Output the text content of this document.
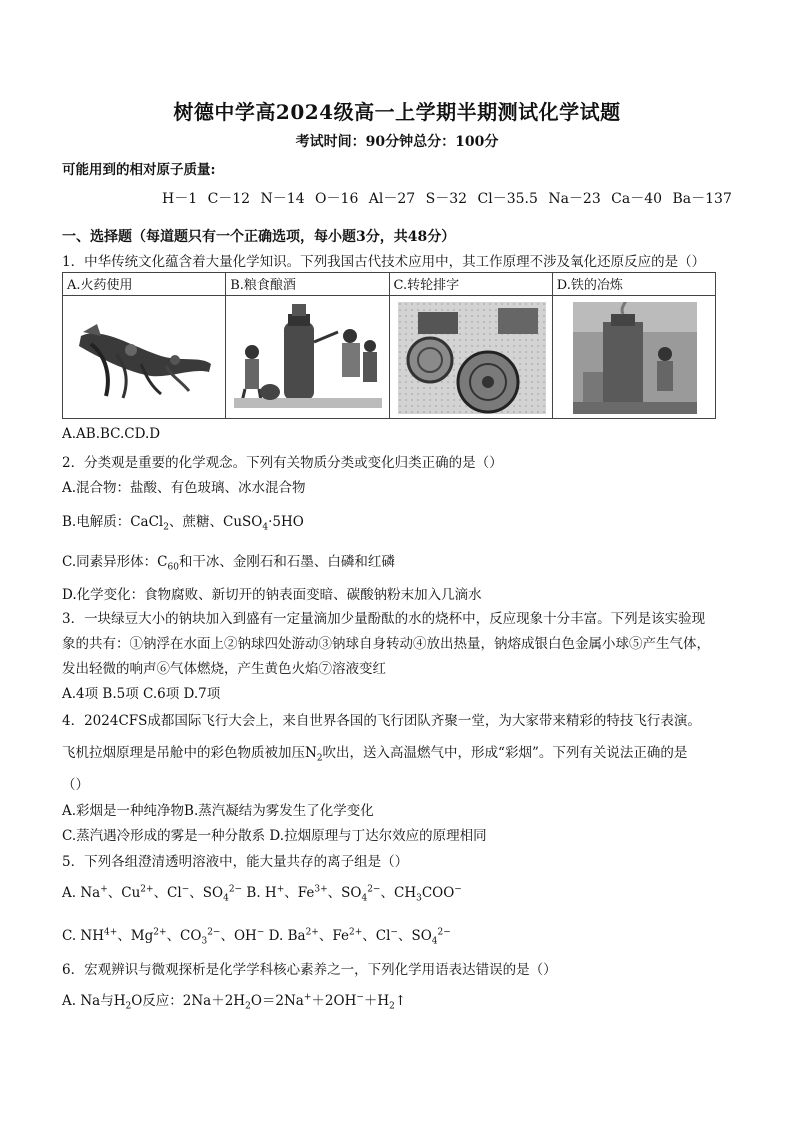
树德中学高2024级高一上学期半期测试化学试题
考试时间：90分钟总分：100分
可能用到的相对原子质量:
H－1 C－12 N－14 O－16 Al－27 S－32 Cl－35.5 Na－23 Ca－40 Ba－137
一、选择题（每道题只有一个正确选项，每小题3分，共48分）
1．中华传统文化蕴含着大量化学知识。下列我国古代技术应用中，其工作原理不涉及氧化还原反应的是（）
A.火药使用	B.粮食酿酒	C.转轮排字	D.铁的冶炼

A.AB.BC.CD.D
2．分类观是重要的化学观念。下列有关物质分类或变化归类正确的是（）
A.混合物：盐酸、有色玻璃、冰水混合物
B.电解质：CaCl$_2$、蔗糖、CuSO$_4$·5HO
C.同素异形体：$C_{60}$和干冰、金刚石和石墨、白磷和红磷
D.化学变化：食物腐败、新切开的钠表面变暗、碳酸钠粉末加入几滴水
3．一块绿豆大小的钠块加入到盛有一定量滴加少量酚酞的水的烧杯中，反应现象十分丰富。下列是该实验现
象的共有：①钠浮在水面上②钠球四处游动③钠球自身转动④放出热量，钠熔成银白色金属小球⑤产生气体，
发出轻微的响声⑥气体燃烧，产生黄色火焰⑦溶液变红
A.4项 B.5项 C.6项 D.7项
4．2024CFS成都国际飞行大会上，来自世界各国的飞行团队齐聚一堂，为大家带来精彩的特技飞行表演。
飞机拉烟原理是吊舱中的彩色物质被加压$N_2$吹出，送入高温燃气中，形成“彩烟”。下列有关说法正确的是
（）
A.彩烟是一种纯净物B.蒸汽凝结为雾发生了化学变化
C.蒸汽遇冷形成的雾是一种分散系 D.拉烟原理与丁达尔效应的原理相同
5．下列各组澄清透明溶液中，能大量共存的离子组是（）
A. Na+、$Cu^{2+}$、Cl−、$SO_4^{2-}$ B. H+、$Fe^{3+}$、$SO_4^{2-}$、$CH_3COO^-$
C. $NH^{4+}$、$Mg^{2+}$、$CO_3^{2-}$、OH− D. $Ba^{2+}$、$Fe^{2+}$、Cl−、$SO_4^{2-}$
6．宏观辨识与微观探析是化学学科核心素养之一，下列化学用语表达错误的是（）
A. Na与$H_2O$反应：$2Na+2H_2O=2Na^++2OH^-+H_2↑$
